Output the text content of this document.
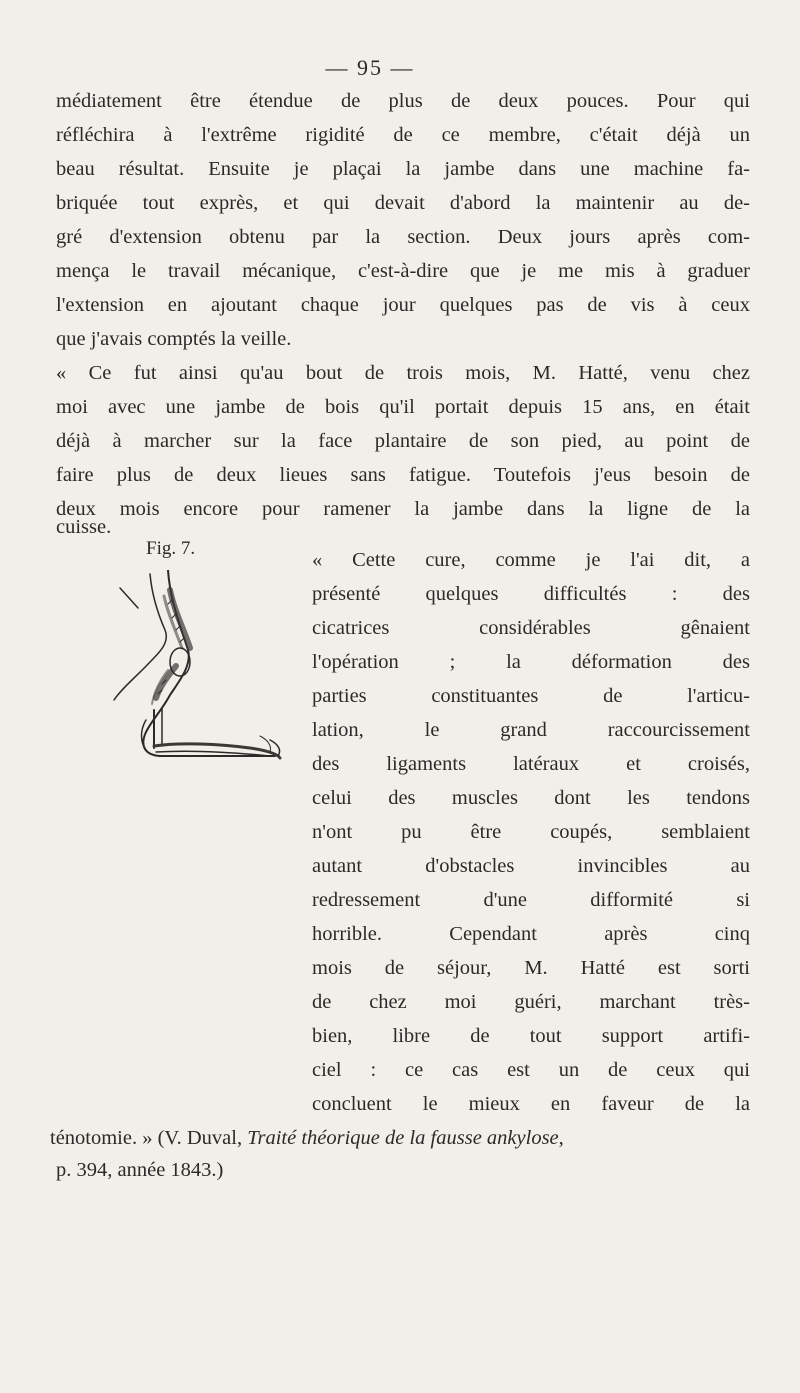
— 95 —
médiatement être étendue de plus de deux pouces. Pour qui
réfléchira à l'extrême rigidité de ce membre, c'était déjà un
beau résultat. Ensuite je plaçai la jambe dans une machine fa-
briquée tout exprès, et qui devait d'abord la maintenir au de-
gré d'extension obtenu par la section. Deux jours après com-
mença le travail mécanique, c'est-à-dire que je me mis à graduer
l'extension en ajoutant chaque jour quelques pas de vis à ceux
que j'avais comptés la veille.
« Ce fut ainsi qu'au bout de trois mois, M. Hatté, venu chez
moi avec une jambe de bois qu'il portait depuis 15 ans, en était
déjà à marcher sur la face plantaire de son pied, au point de
faire plus de deux lieues sans fatigue. Toutefois j'eus besoin de
deux mois encore pour ramener la jambe dans la ligne de la
cuisse.
Fig. 7.
« Cette cure, comme je l'ai dit, a
présenté quelques difficultés : des
cicatrices considérables gênaient
l'opération ; la déformation des
parties constituantes de l'articu-
lation, le grand raccourcissement
des ligaments latéraux et croisés,
celui des muscles dont les tendons
n'ont pu être coupés, semblaient
autant d'obstacles invincibles au
redressement d'une difformité si
horrible. Cependant après cinq
mois de séjour, M. Hatté est sorti
de chez moi guéri, marchant très-
bien, libre de tout support artifi-
ciel : ce cas est un de ceux qui
concluent le mieux en faveur de la
ténotomie. » (V. Duval, Traité théorique de la fausse ankylose,
p. 394, année 1843.)
